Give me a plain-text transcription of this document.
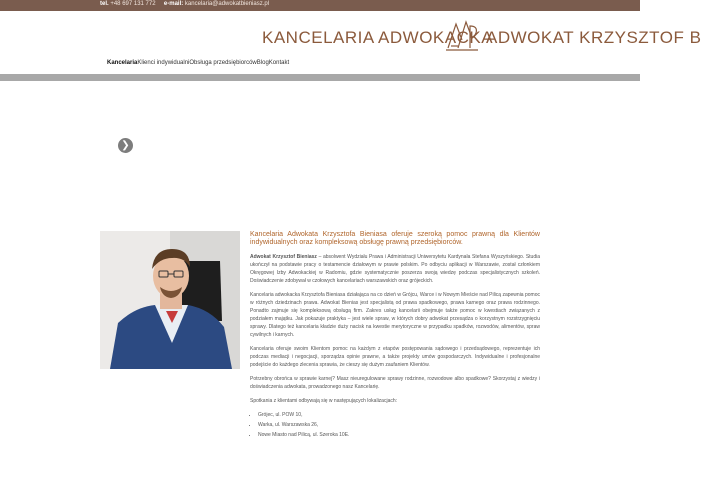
tel. +48 697 131 772 e-mail: kancelaria@adwokatbieniasz.pl
KANCELARIA ADWOKACKA
ADWOKAT KRZYSZTOF B
KancelariaKlienci indywidualniObsługa przedsiębiorcówBlogKontakt
❯

Kancelaria Adwokata Krzysztofa Bieniasa oferuje szeroką pomoc prawną dla Klientów indywidualnych oraz kompleksową obsługę prawną przedsiębiorców.

Adwokat Krzysztof Bieniasz – absolwent Wydziału Prawa i Administracji Uniwersytetu Kardynała Stefana Wyszyńskiego. Studia ukończył na podstawie pracy o testamencie działowym w prawie polskim. Po odbyciu aplikacji w Warszawie, został członkiem Okręgowej Izby Adwokackiej w Radomiu, gdzie systematycznie poszerza swoją wiedzę podczas specjalistycznych szkoleń. Doświadczenie zdobywał w czołowych kancelariach warszawskich oraz grójeckich.

Kancelaria adwokacka Krzysztofa Bieniasa działająca na co dzień w Grójcu, Warce i w Nowym Mieście nad Pilicą zapewnia pomoc w różnych dziedzinach prawa. Adwokat Bienias jest specjalistą od prawa spadkowego, prawa karnego oraz prawa rodzinnego. Ponadto zajmuje się kompleksową obsługą firm. Zakres usług kancelarii obejmuje także pomoc w kwestiach związanych z podziałem majątku. Jak pokazuje praktyka – jest wiele spraw, w których dobry adwokat przesądza o korzystnym rozstrzygnięciu sprawy. Dlatego też kancelaria kładzie duży nacisk na kwestie merytoryczne w przypadku spadków, rozwodów, alimentów, spraw cywilnych i karnych.

Kancelaria oferuje swoim Klientom pomoc na każdym z etapów postępowania sądowego i przedsądowego, reprezentuje ich podczas mediacji i negocjacji, sporządza opinie prawne, a także projekty umów gospodarczych. Indywidualne i profesjonalne podejście do każdego zlecenia sprawia, że cieszy się dużym zaufaniem Klientów.

Potrzebny obrońca w sprawie karnej? Masz nieuregulowane sprawy rodzinne, rozwodowe albo spadkowe? Skorzystaj z wiedzy i doświadczenia adwokata, prowadzonego nasz Kancelarię.

Spotkania z klientami odbywają się w następujących lokalizacjach:

• Grójec, ul. POW 10,
• Warka, ul. Warszawska 26,
• Nowe Miasto nad Pilicą, ul. Szeroka 10E.
